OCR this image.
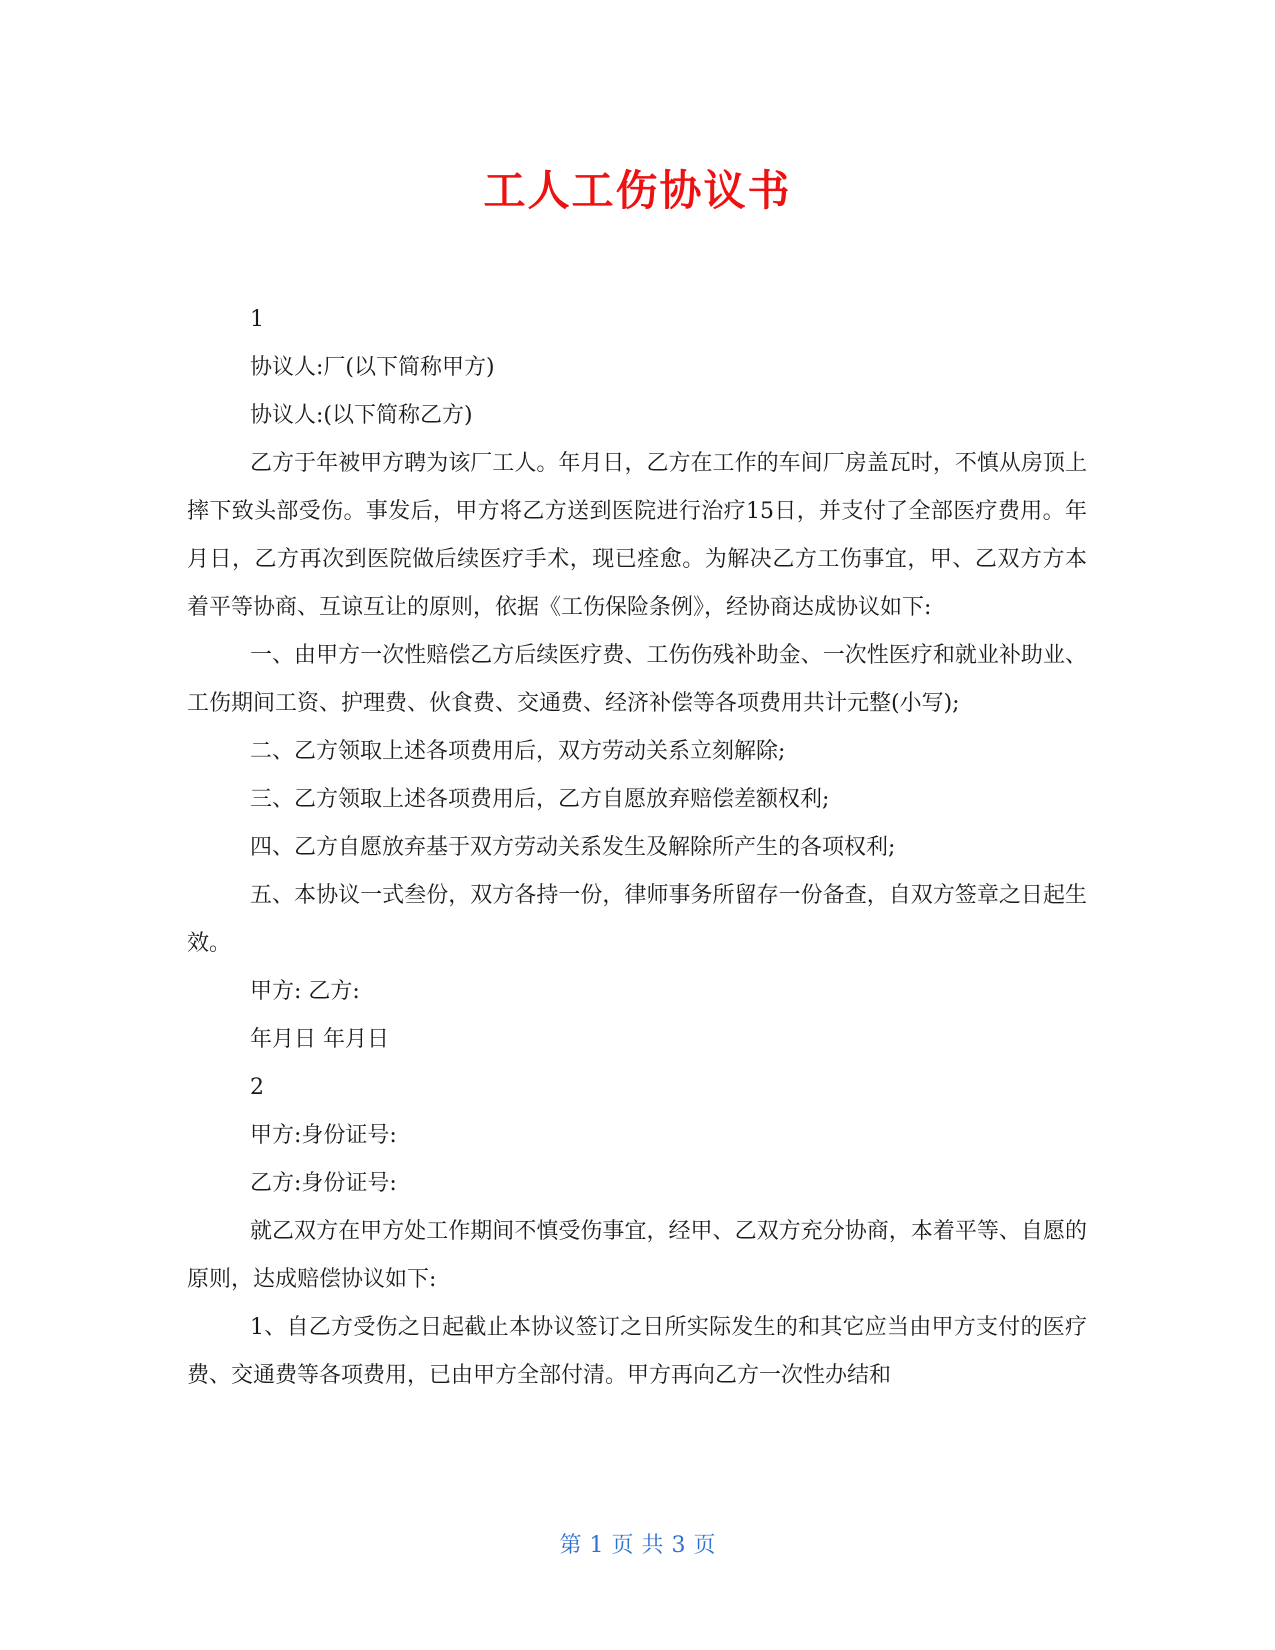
工人工伤协议书

1

协议人:厂(以下简称甲方)

协议人:(以下简称乙方)

乙方于年被甲方聘为该厂工人。年月日，乙方在工作的车间厂房盖瓦时，不慎从房顶上摔下致头部受伤。事发后，甲方将乙方送到医院进行治疗15日，并支付了全部医疗费用。年月日，乙方再次到医院做后续医疗手术，现已痊愈。为解决乙方工伤事宜，甲、乙双方方本着平等协商、互谅互让的原则，依据《工伤保险条例》，经协商达成协议如下:

一、由甲方一次性赔偿乙方后续医疗费、工伤伤残补助金、一次性医疗和就业补助业、工伤期间工资、护理费、伙食费、交通费、经济补偿等各项费用共计元整(小写);

二、乙方领取上述各项费用后，双方劳动关系立刻解除;

三、乙方领取上述各项费用后，乙方自愿放弃赔偿差额权利;

四、乙方自愿放弃基于双方劳动关系发生及解除所产生的各项权利;

五、本协议一式叁份，双方各持一份，律师事务所留存一份备查，自双方签章之日起生效。

甲方: 乙方:

年月日 年月日

2

甲方:身份证号:

乙方:身份证号:

就乙双方在甲方处工作期间不慎受伤事宜，经甲、乙双方充分协商，本着平等、自愿的原则，达成赔偿协议如下:

1、自乙方受伤之日起截止本协议签订之日所实际发生的和其它应当由甲方支付的医疗费、交通费等各项费用，已由甲方全部付清。甲方再向乙方一次性办结和

第 1 页 共 3 页
